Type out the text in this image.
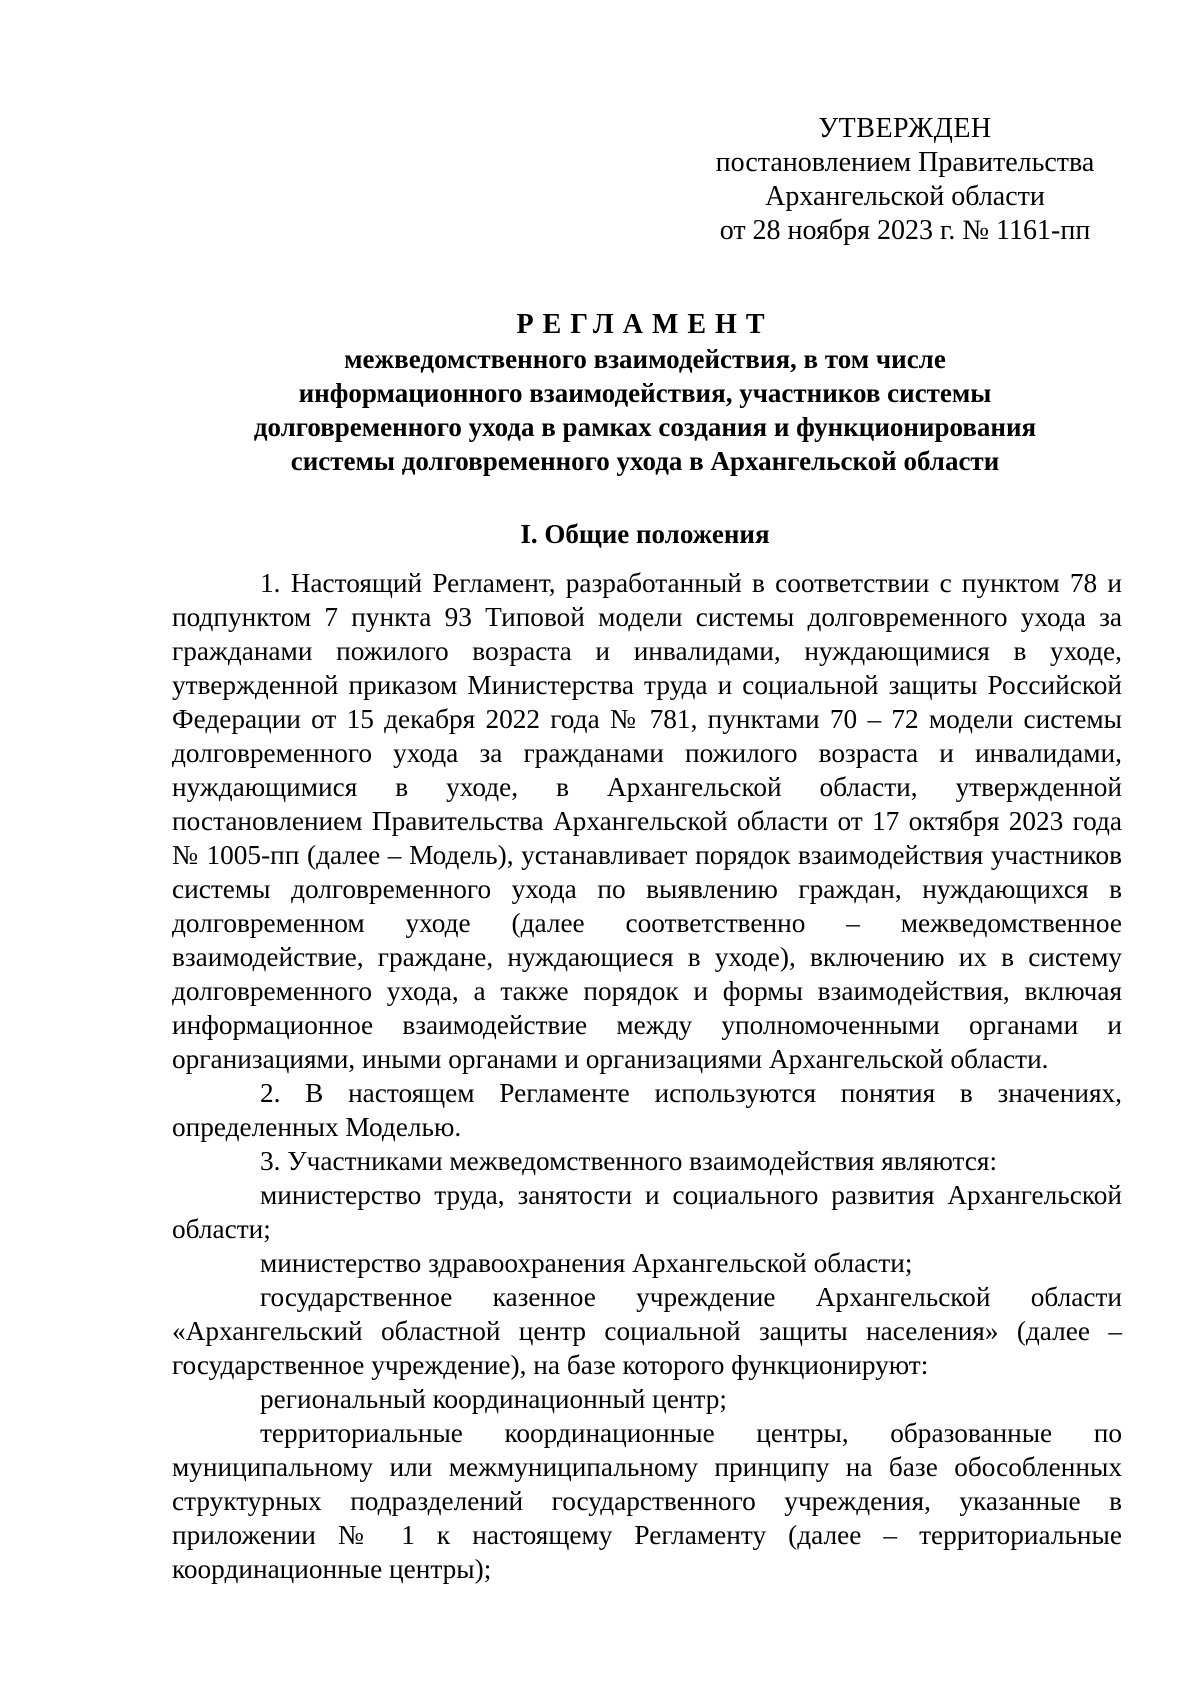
УТВЕРЖДЕН
постановлением Правительства
Архангельской области
от 28 ноября 2023 г. № 1161-пп
РЕГЛАМЕНТ
межведомственного взаимодействия, в том числе
информационного взаимодействия, участников системы
долговременного ухода в рамках создания и функционирования
системы долговременного ухода в Архангельской области
I. Общие положения

1. Настоящий Регламент, разработанный в соответствии с пунктом 78 и подпунктом 7 пункта 93 Типовой модели системы долговременного ухода за гражданами пожилого возраста и инвалидами, нуждающимися в уходе, утвержденной приказом Министерства труда и социальной защиты Российской Федерации от 15 декабря 2022 года № 781, пунктами 70 – 72 модели системы долговременного ухода за гражданами пожилого возраста и инвалидами, нуждающимися в уходе, в Архангельской области, утвержденной постановлением Правительства Архангельской области от 17 октября 2023 года № 1005-пп (далее – Модель), устанавливает порядок взаимодействия участников системы долговременного ухода по выявлению граждан, нуждающихся в долговременном уходе (далее соответственно – межведомственное взаимодействие, граждане, нуждающиеся в уходе), включению их в систему долговременного ухода, а также порядок и формы взаимодействия, включая информационное взаимодействие между уполномоченными органами и организациями, иными органами и организациями Архангельской области.

2. В настоящем Регламенте используются понятия в значениях, определенных Моделью.

3. Участниками межведомственного взаимодействия являются:

министерство труда, занятости и социального развития Архангельской области;

министерство здравоохранения Архангельской области;

государственное казенное учреждение Архангельской области «Архангельский областной центр социальной защиты населения» (далее – государственное учреждение), на базе которого функционируют:

региональный координационный центр;

территориальные координационные центры, образованные по муниципальному или межмуниципальному принципу на базе обособленных структурных подразделений государственного учреждения, указанные в приложении № 1 к настоящему Регламенту (далее – территориальные координационные центры);
